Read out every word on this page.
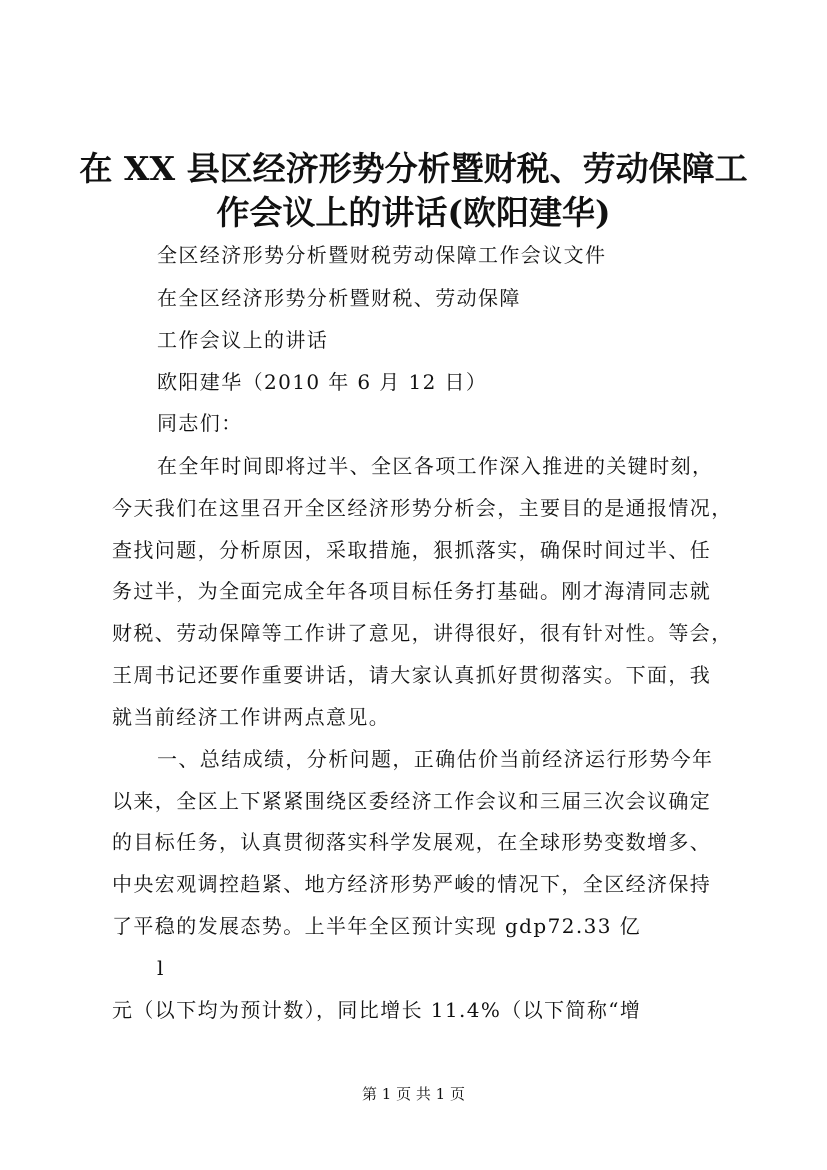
在 XX 县区经济形势分析暨财税、劳动保障工
作会议上的讲话(欧阳建华)

全区经济形势分析暨财税劳动保障工作会议文件

在全区经济形势分析暨财税、劳动保障

工作会议上的讲话

欧阳建华（2010 年 6 月 12 日）

同志们：

在全年时间即将过半、全区各项工作深入推进的关键时刻，

今天我们在这里召开全区经济形势分析会，主要目的是通报情况，

查找问题，分析原因，采取措施，狠抓落实，确保时间过半、任

务过半，为全面完成全年各项目标任务打基础。刚才海清同志就

财税、劳动保障等工作讲了意见，讲得很好，很有针对性。等会，

王周书记还要作重要讲话，请大家认真抓好贯彻落实。下面，我

就当前经济工作讲两点意见。

一、总结成绩，分析问题，正确估价当前经济运行形势今年

以来，全区上下紧紧围绕区委经济工作会议和三届三次会议确定

的目标任务，认真贯彻落实科学发展观，在全球形势变数增多、

中央宏观调控趋紧、地方经济形势严峻的情况下，全区经济保持

了平稳的发展态势。上半年全区预计实现 gdp72.33 亿

l

元（以下均为预计数），同比增长 11.4%（以下简称“增

第 1 页 共 1 页
